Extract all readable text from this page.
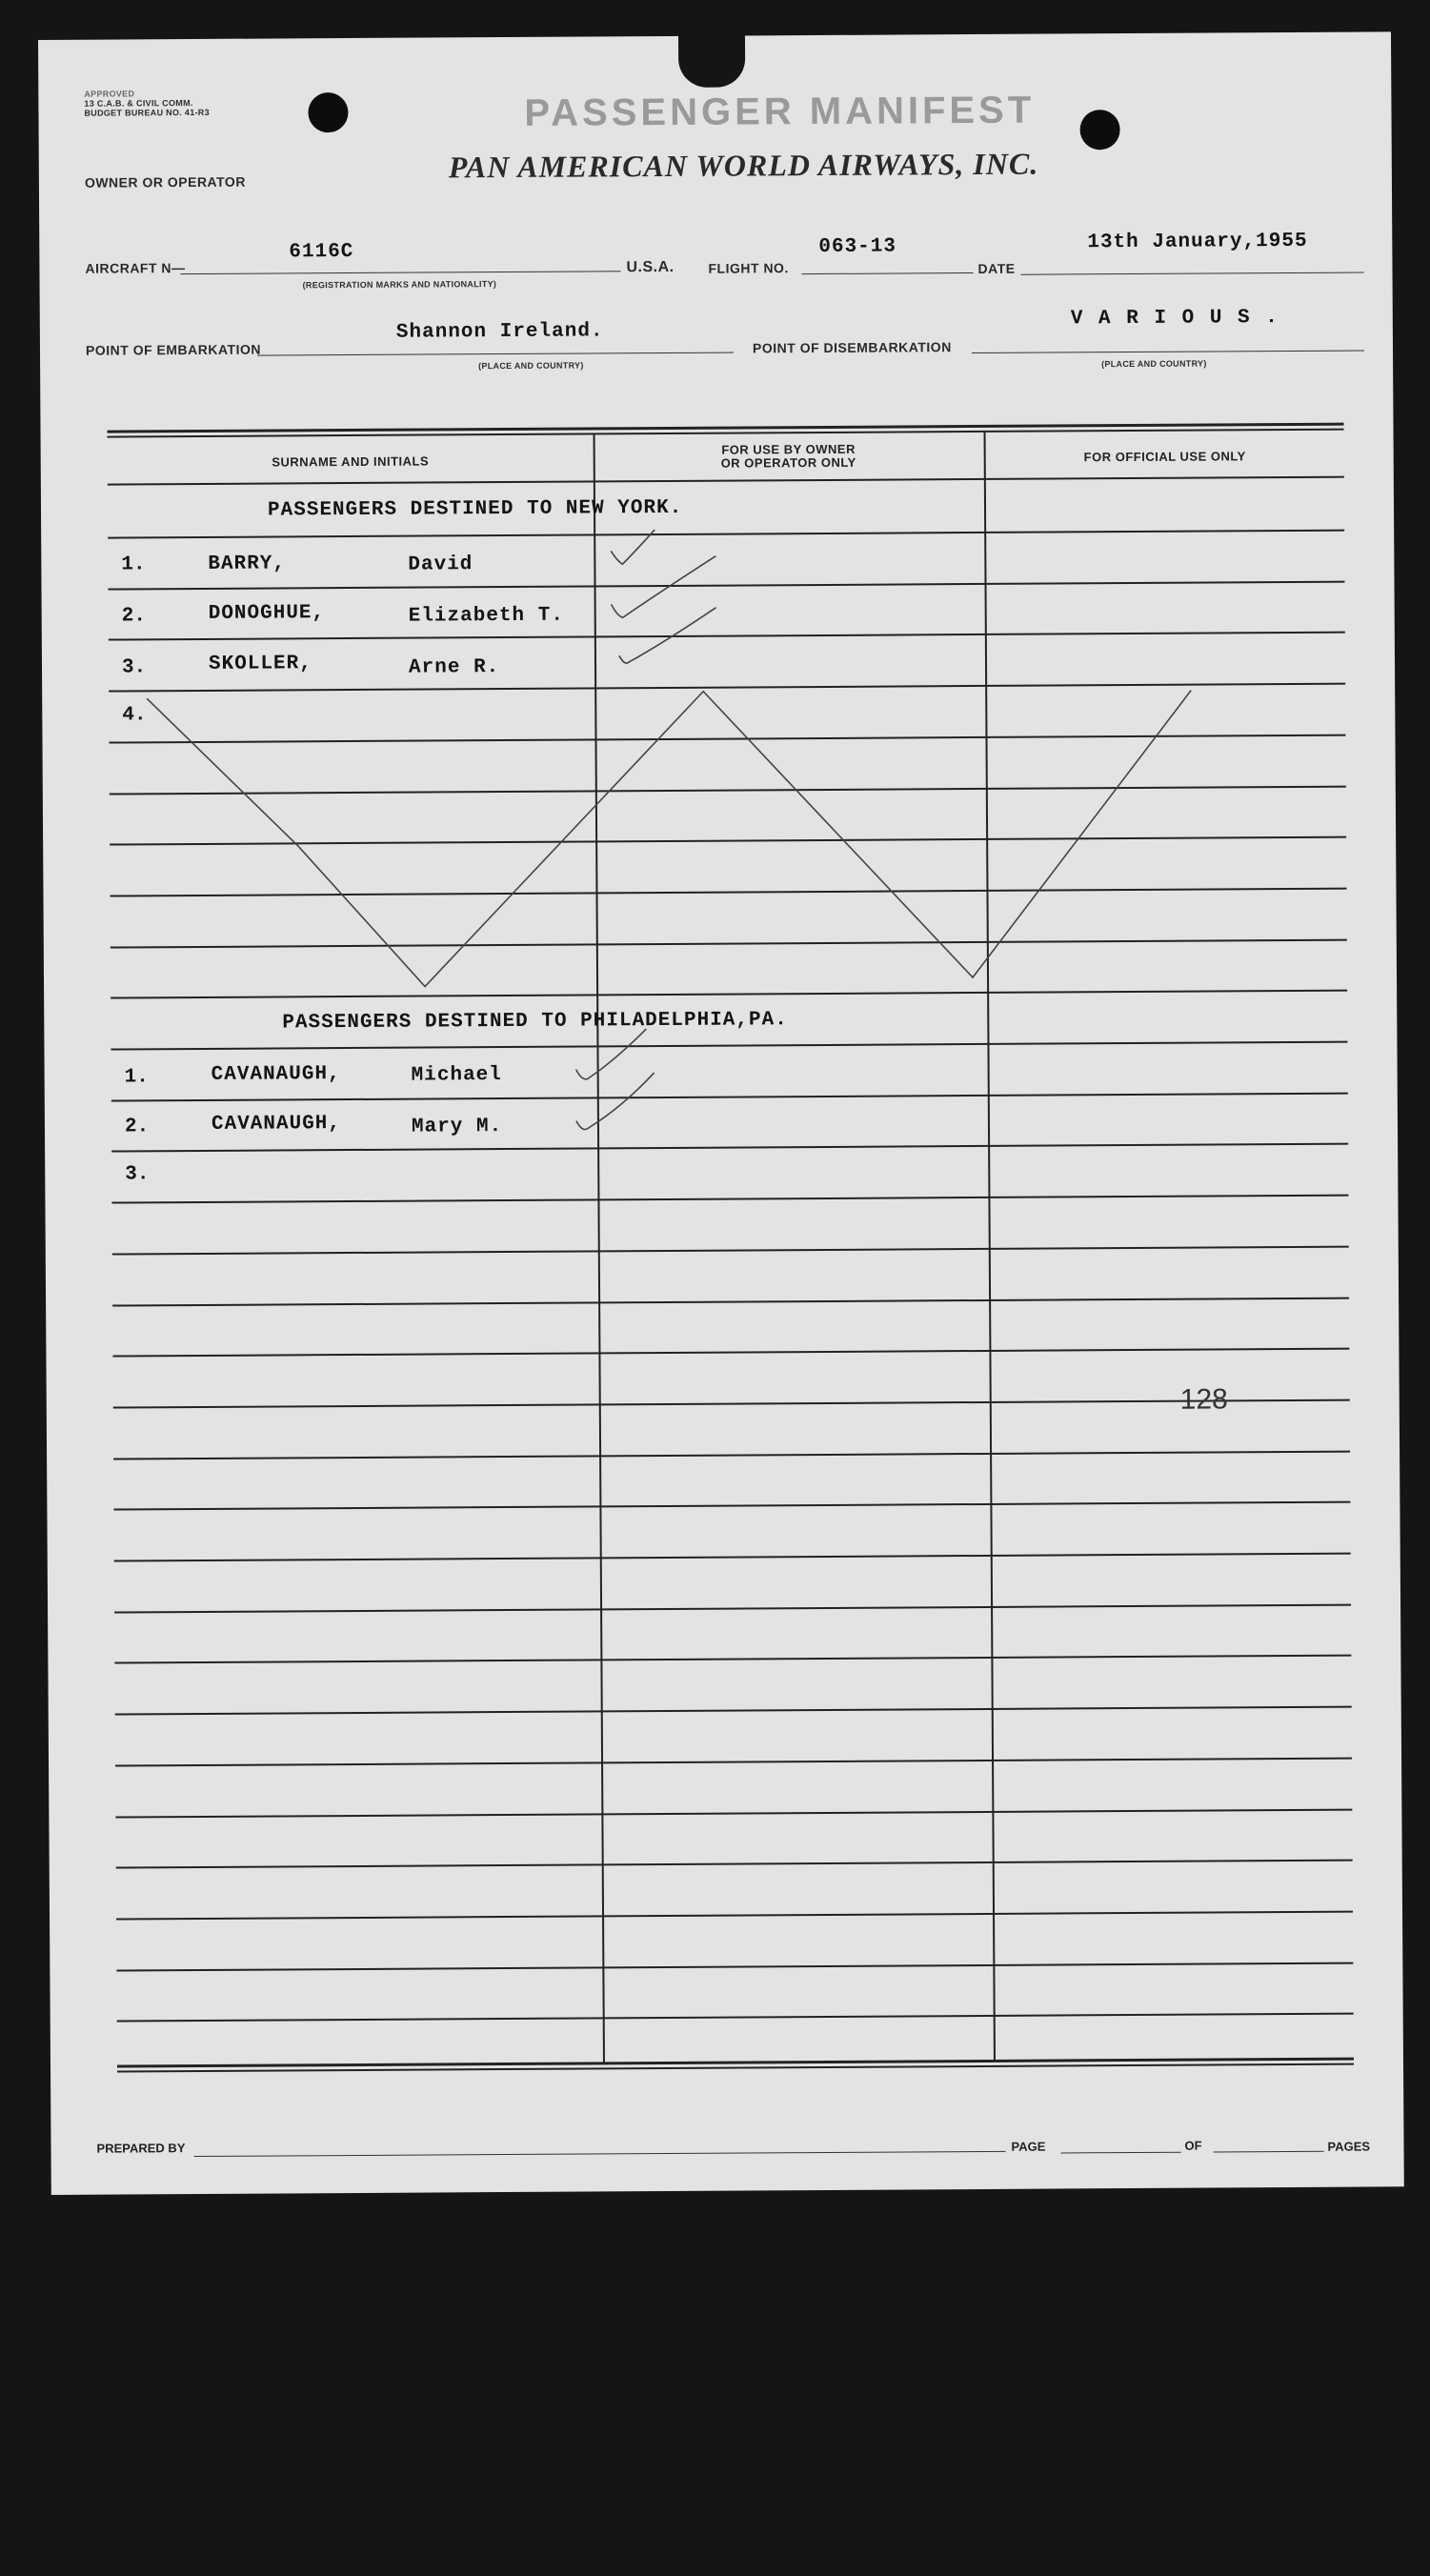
APPROVED
13 C.A.B. & CIVIL COMM.
BUDGET BUREAU NO. 41-R3	PASSENGER MANIFEST
PAN AMERICAN WORLD AIRWAYS, INC.
OWNER OR OPERATOR
AIRCRAFT N—
6116C
(REGISTRATION MARKS AND NATIONALITY)
U.S.A.	FLIGHT NO.
063-13
DATE
13th January,1955
POINT OF EMBARKATION
Shannon Ireland.
(PLACE AND COUNTRY)
POINT OF DISEMBARKATION
V A R I O U S .
(PLACE AND COUNTRY)
SURNAME AND INITIALS
FOR USE BY OWNER
OR OPERATOR ONLY	FOR OFFICIAL USE ONLY
PASSENGERS DESTINED TO NEW YORK.
1.	BARRY,	David
2.	DONOGHUE,	Elizabeth T.
3.	SKOLLER,	Arne R.
4.
PASSENGERS DESTINED TO PHILADELPHIA,PA.
1.	CAVANAUGH,	Michael
2.	CAVANAUGH,	Mary M.
3.
128
PREPARED BY	PAGE	OF	PAGES
